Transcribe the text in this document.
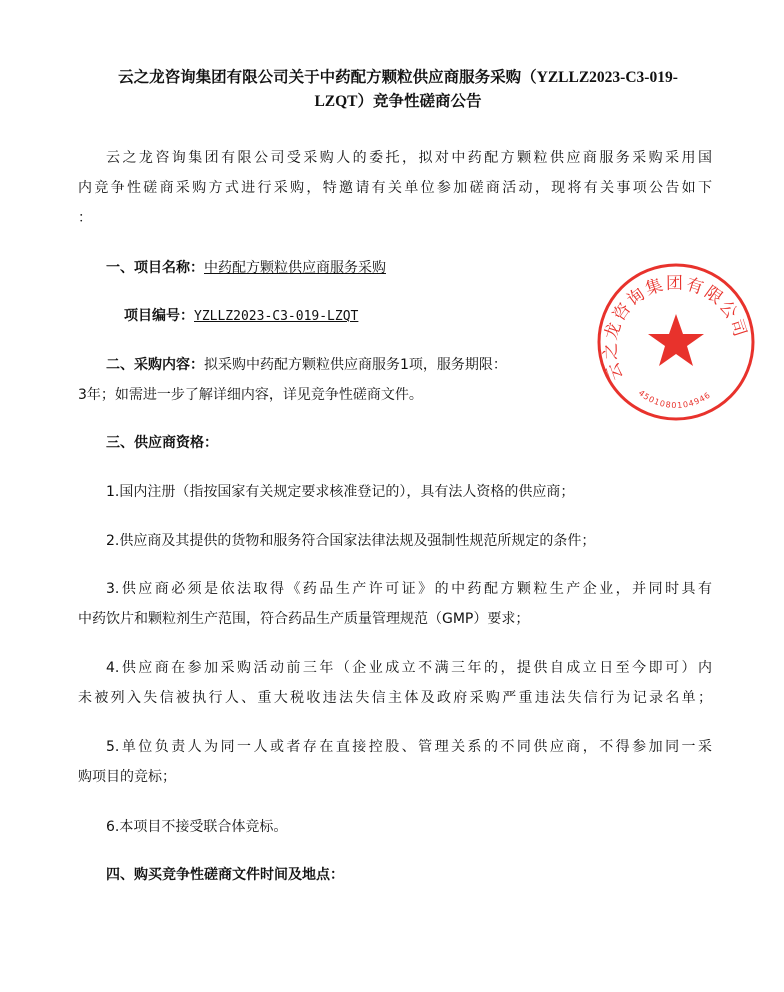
云之龙咨询集团有限公司关于中药配方颗粒供应商服务采购（YZLLZ2023-C3-019-
LZQT）竞争性磋商公告
云之龙咨询集团有限公司受采购人的委托，拟对中药配方颗粒供应商服务采购采用国
内竞争性磋商采购方式进行采购，特邀请有关单位参加磋商活动，现将有关事项公告如下
：
一、项目名称：中药配方颗粒供应商服务采购
项目编号：YZLLZ2023-C3-019-LZQT
二、采购内容：拟采购中药配方颗粒供应商服务1项，服务期限：
3年；如需进一步了解详细内容，详见竞争性磋商文件。
三、供应商资格：
1.国内注册（指按国家有关规定要求核准登记的），具有法人资格的供应商；
2.供应商及其提供的货物和服务符合国家法律法规及强制性规范所规定的条件；
3.供应商必须是依法取得《药品生产许可证》的中药配方颗粒生产企业，并同时具有
中药饮片和颗粒剂生产范围，符合药品生产质量管理规范（GMP）要求；
4.供应商在参加采购活动前三年（企业成立不满三年的，提供自成立日至今即可）内
未被列入失信被执行人、重大税收违法失信主体及政府采购严重违法失信行为记录名单；
5.单位负责人为同一人或者存在直接控股、管理关系的不同供应商，不得参加同一采
购项目的竞标；
6.本项目不接受联合体竞标。
四、购买竞争性磋商文件时间及地点：
云之龙咨询集团有限公司
4501080104946
